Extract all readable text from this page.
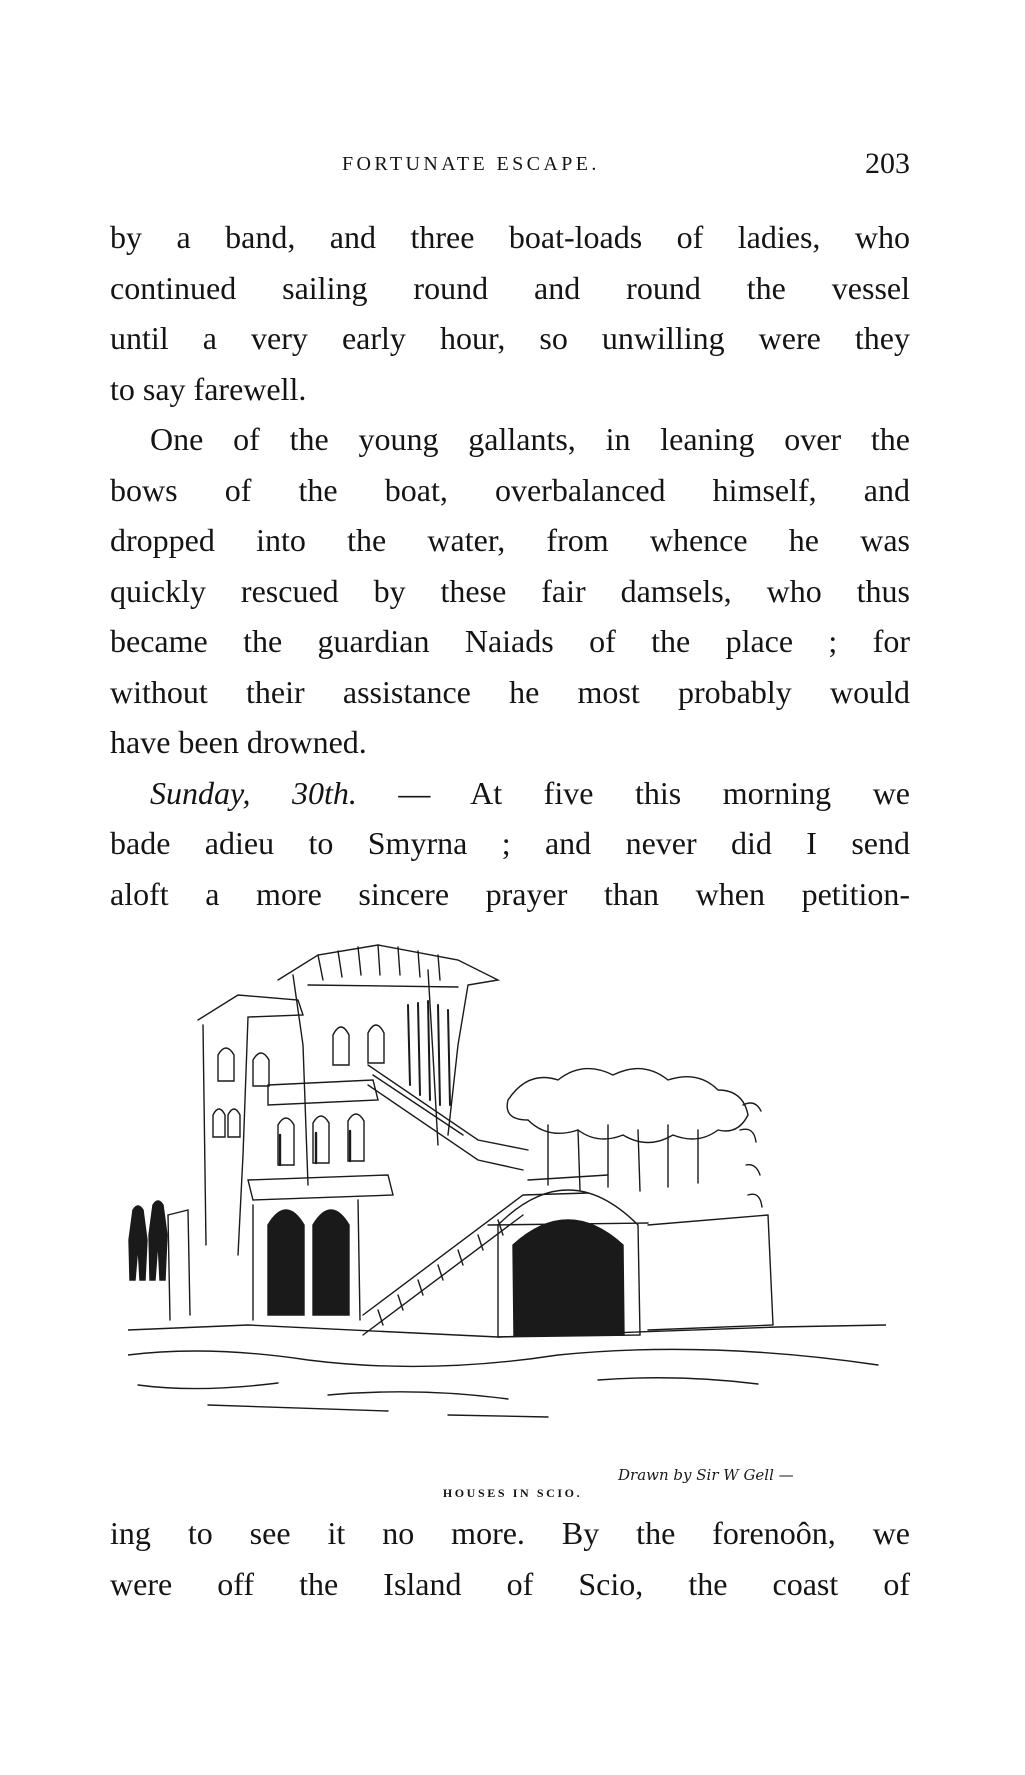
FORTUNATE ESCAPE.	203
by a band, and three boat-loads of ladies, who
continued sailing round and round the vessel
until a very early hour, so unwilling were they
to say farewell.
One of the young gallants, in leaning over the
bows of the boat, overbalanced himself, and
dropped into the water, from whence he was
quickly rescued by these fair damsels, who thus
became the guardian Naiads of the place ; for
without their assistance he most probably would
have been drowned.
Sunday, 30th. — At five this morning we
bade adieu to Smyrna ; and never did I send
aloft a more sincere prayer than when petition-
Drawn by Sir W Gell —
HOUSES IN SCIO.
ing to see it no more. By the forenoôn, we
were off the Island of Scio, the coast of
